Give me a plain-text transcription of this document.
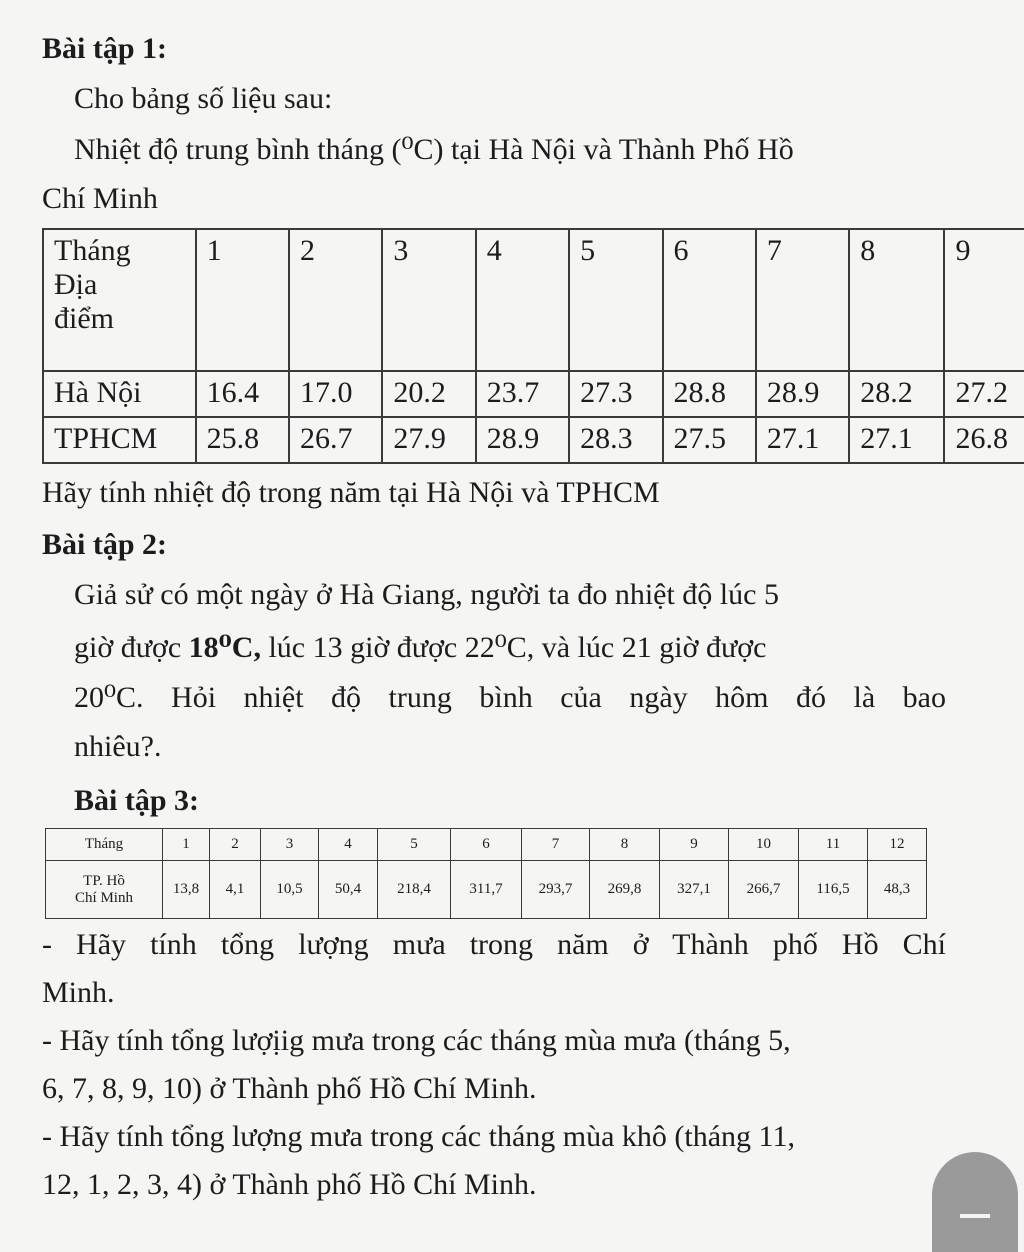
Bài tập 1:
Cho bảng số liệu sau:
Nhiệt độ trung bình tháng (⁰C) tại Hà Nội và Thành Phố Hồ
Chí Minh
Tháng
Địa
điểm	1	2	3	4	5	6	7	8	9
Hà Nội	16.4	17.0	20.2	23.7	27.3	28.8	28.9	28.2	27.2
TPHCM	25.8	26.7	27.9	28.9	28.3	27.5	27.1	27.1	26.8
Hãy tính nhiệt độ trong năm tại Hà Nội và TPHCM
Bài tập 2:
Giả sử có một ngày ở Hà Giang, người ta đo nhiệt độ lúc 5
giờ được 18⁰C, lúc 13 giờ được 22⁰C, và lúc 21 giờ được
20⁰C. Hỏi nhiệt độ trung bình của ngày hôm đó là bao
nhiêu?.
Bài tập 3:
Tháng	1	2	3	4	5	6	7	8	9	10	11	12

TP. Hồ
Chí Minh	13,8	4,1	10,5	50,4	218,4	311,7	293,7	269,8	327,1	266,7	116,5	48,3
- Hãy tính tổng lượng mưa trong năm ở Thành phố Hồ Chí
Minh.
- Hãy tính tổng lượịig mưa trong các tháng mùa mưa (tháng 5,
6, 7, 8, 9, 10) ở Thành phố Hồ Chí Minh.
- Hãy tính tổng lượng mưa trong các tháng mùa khô (tháng 11,
12, 1, 2, 3, 4) ở Thành phố Hồ Chí Minh.
